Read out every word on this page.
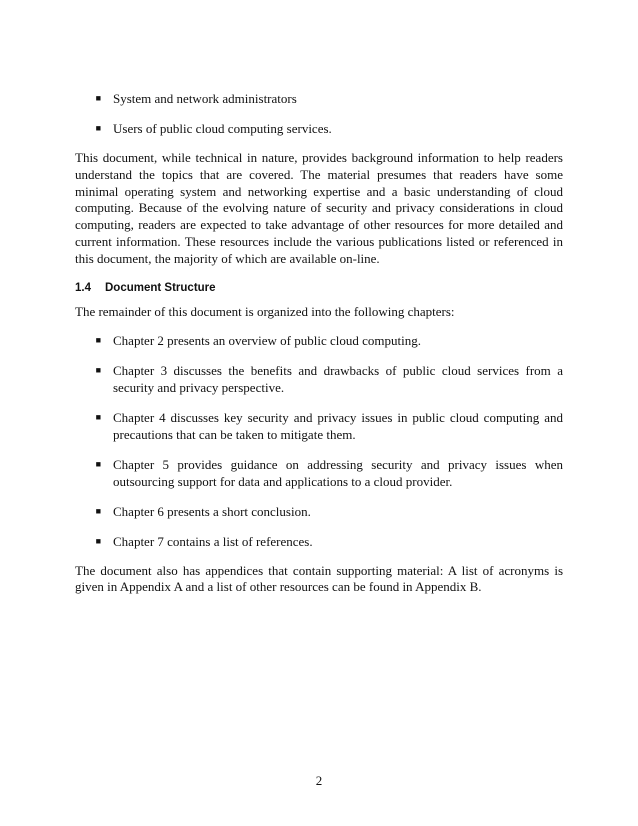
■ System and network administrators
■ Users of public cloud computing services.

This document, while technical in nature, provides background information to help readers understand the topics that are covered. The material presumes that readers have some minimal operating system and networking expertise and a basic understanding of cloud computing. Because of the evolving nature of security and privacy considerations in cloud computing, readers are expected to take advantage of other resources for more detailed and current information. These resources include the various publications listed or referenced in this document, the majority of which are available on-line.

1.4	Document Structure

The remainder of this document is organized into the following chapters:

■ Chapter 2 presents an overview of public cloud computing.
■ Chapter 3 discusses the benefits and drawbacks of public cloud services from a security and privacy perspective.
■ Chapter 4 discusses key security and privacy issues in public cloud computing and precautions that can be taken to mitigate them.
■ Chapter 5 provides guidance on addressing security and privacy issues when outsourcing support for data and applications to a cloud provider.
■ Chapter 6 presents a short conclusion.
■ Chapter 7 contains a list of references.

The document also has appendices that contain supporting material: A list of acronyms is given in Appendix A and a list of other resources can be found in Appendix B.

2
